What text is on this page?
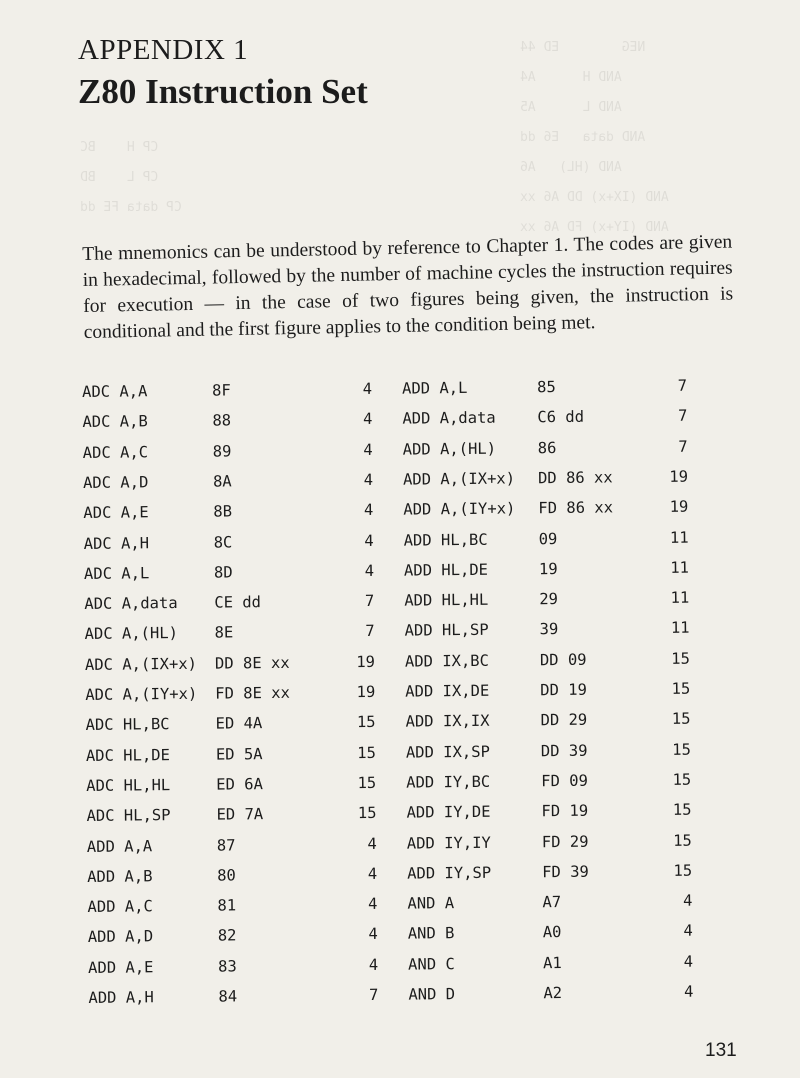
NEG        ED 44
AND H      A4
AND L      A5
AND data   E6 dd
AND (HL)   A6
AND (IX+x) DD A6 xx
AND (IY+x) FD A6 xx
CP H    BC
CP L    BD
CP data FE dd
APPENDIX 1
Z80 Instruction Set
The mnemonics can be understood by reference to Chapter 1. The codes are given in hexadecimal, followed by the number of machine cycles the instruction requires for execution — in the case of two figures being given, the instruction is conditional and the first figure applies to the condition being met.
ADC A,A	8F	4 ADD A,L	85	7
ADC A,B	88	4 ADD A,data	C6 dd	7
ADC A,C	89	4 ADD A,(HL)	86	7
ADC A,D	8A	4 ADD A,(IX+x) DD 86 xx	19
ADC A,E	8B	4 ADD A,(IY+x) FD 86 xx	19
ADC A,H	8C	4 ADD HL,BC	09	11
ADC A,L	8D	4 ADD HL,DE	19	11
ADC A,data CE dd	7 ADD HL,HL	29	11
ADC A,(HL) 8E	7 ADD HL,SP	39	11
ADC A,(IX+x) DD 8E xx	19 ADD IX,BC	DD 09	15
ADC A,(IY+x) FD 8E xx	19 ADD IX,DE	DD 19	15
ADC HL,BC	ED 4A	15 ADD IX,IX	DD 29	15
ADC HL,DE	ED 5A	15 ADD IX,SP	DD 39	15
ADC HL,HL	ED 6A	15 ADD IY,BC	FD 09	15
ADC HL,SP	ED 7A	15 ADD IY,DE	FD 19	15
ADD A,A	87	4 ADD IY,IY	FD 29	15
ADD A,B	80	4 ADD IY,SP	FD 39	15
ADD A,C	81	4 AND A	A7	4
ADD A,D	82	4 AND B	A0	4
ADD A,E	83	4 AND C	A1	4
ADD A,H	84	7 AND D	A2	4
131
